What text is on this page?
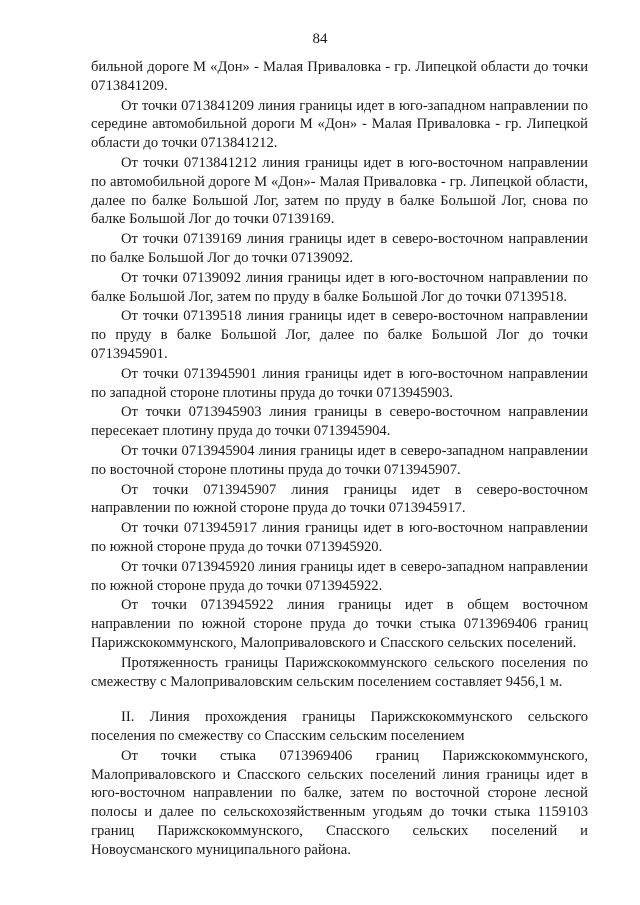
84

бильной дороге М «Дон» - Малая Приваловка - гр. Липецкой области до точки 0713841209.

От точки 0713841209 линия границы идет в юго-западном направлении по середине автомобильной дороги М «Дон» - Малая Приваловка - гр. Липецкой области до точки 0713841212.

От точки 0713841212 линия границы идет в юго-восточном направлении по автомобильной дороге М «Дон»- Малая Приваловка - гр. Липецкой области, далее по балке Большой Лог, затем по пруду в балке Большой Лог, снова по балке Большой Лог до точки 07139169.

От точки 07139169 линия границы идет в северо-восточном направлении по балке Большой Лог до точки 07139092.

От точки 07139092 линия границы идет в юго-восточном направлении по балке Большой Лог, затем по пруду в балке Большой Лог до точки 07139518.

От точки 07139518 линия границы идет в северо-восточном направлении по пруду в балке Большой Лог, далее по балке Большой Лог до точки 0713945901.

От точки 0713945901 линия границы идет в юго-восточном направлении по западной стороне плотины пруда до точки 0713945903.

От точки 0713945903 линия границы в северо-восточном направлении пересекает плотину пруда до точки 0713945904.

От точки 0713945904 линия границы идет в северо-западном направлении по восточной стороне плотины пруда до точки 0713945907.

От точки 0713945907 линия границы идет в северо-восточном направлении по южной стороне пруда до точки 0713945917.

От точки 0713945917 линия границы идет в юго-восточном направлении по южной стороне пруда до точки 0713945920.

От точки 0713945920 линия границы идет в северо-западном направлении по южной стороне пруда до точки 0713945922.

От точки 0713945922 линия границы идет в общем восточном направлении по южной стороне пруда до точки стыка 0713969406 границ Парижскокоммунского, Малоприваловского и Спасского сельских поселений.

Протяженность границы Парижскокоммунского сельского поселения по смежеству с Малоприваловским сельским поселением составляет 9456,1 м.

II. Линия прохождения границы Парижскокоммунского сельского поселения по смежеству со Спасским сельским поселением

От точки стыка 0713969406 границ Парижскокоммунского, Малоприваловского и Спасского сельских поселений линия границы идет в юго-восточном направлении по балке, затем по восточной стороне лесной полосы и далее по сельскохозяйственным угодьям до точки стыка 1159103 границ Парижскокоммунского, Спасского сельских поселений и Новоусманского муниципального района.
